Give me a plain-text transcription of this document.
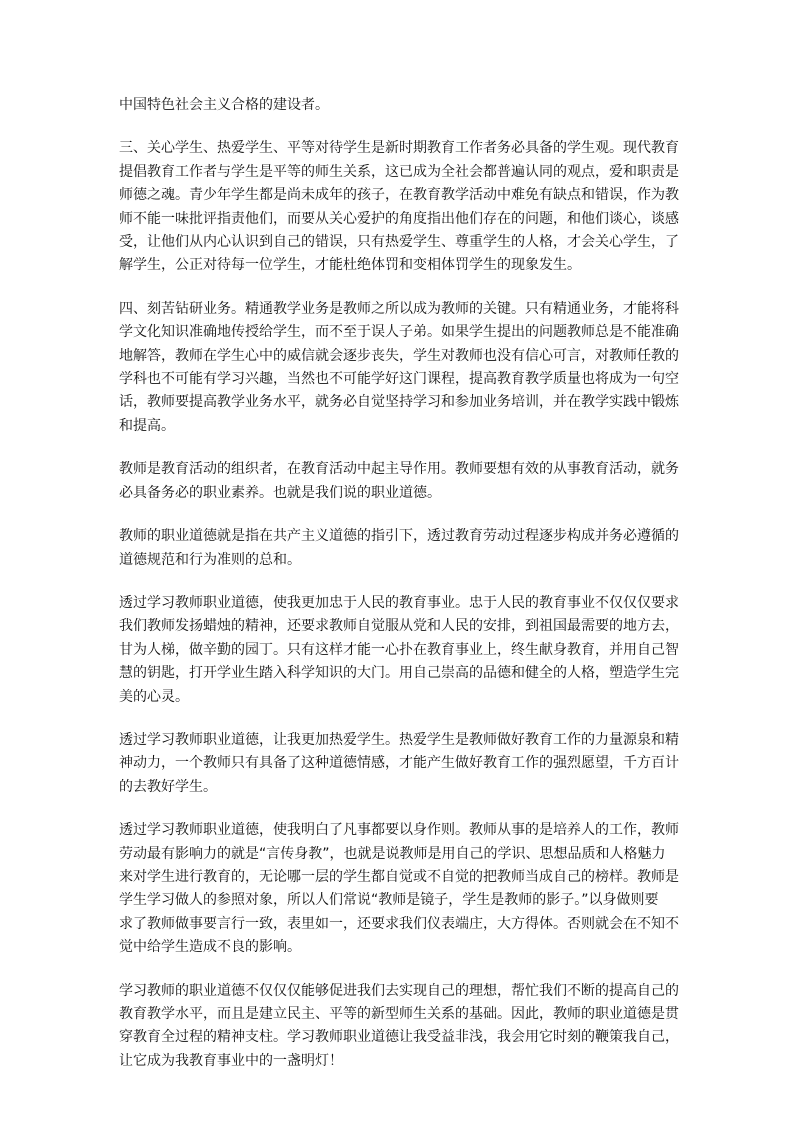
中国特色社会主义合格的建设者。

三、关心学生、热爱学生、平等对待学生是新时期教育工作者务必具备的学生观。现代教育
提倡教育工作者与学生是平等的师生关系，这已成为全社会都普遍认同的观点，爱和职责是
师德之魂。青少年学生都是尚未成年的孩子，在教育教学活动中难免有缺点和错误，作为教
师不能一味批评指责他们，而要从关心爱护的角度指出他们存在的问题，和他们谈心，谈感
受，让他们从内心认识到自己的错误，只有热爱学生、尊重学生的人格，才会关心学生，了
解学生，公正对待每一位学生，才能杜绝体罚和变相体罚学生的现象发生。

四、刻苦钻研业务。精通教学业务是教师之所以成为教师的关键。只有精通业务，才能将科
学文化知识准确地传授给学生，而不至于误人子弟。如果学生提出的问题教师总是不能准确
地解答，教师在学生心中的威信就会逐步丧失，学生对教师也没有信心可言，对教师任教的
学科也不可能有学习兴趣，当然也不可能学好这门课程，提高教育教学质量也将成为一句空
话，教师要提高教学业务水平，就务必自觉坚持学习和参加业务培训，并在教学实践中锻炼
和提高。

教师是教育活动的组织者，在教育活动中起主导作用。教师要想有效的从事教育活动，就务
必具备务必的职业素养。也就是我们说的职业道德。

教师的职业道德就是指在共产主义道德的指引下，透过教育劳动过程逐步构成并务必遵循的
道德规范和行为准则的总和。

透过学习教师职业道德，使我更加忠于人民的教育事业。忠于人民的教育事业不仅仅仅要求
我们教师发扬蜡烛的精神，还要求教师自觉服从党和人民的安排，到祖国最需要的地方去，
甘为人梯，做辛勤的园丁。只有这样才能一心扑在教育事业上，终生献身教育，并用自己智
慧的钥匙，打开学业生踏入科学知识的大门。用自己崇高的品德和健全的人格，塑造学生完
美的心灵。

透过学习教师职业道德，让我更加热爱学生。热爱学生是教师做好教育工作的力量源泉和精
神动力，一个教师只有具备了这种道德情感，才能产生做好教育工作的强烈愿望，千方百计
的去教好学生。

透过学习教师职业道德，使我明白了凡事都要以身作则。教师从事的是培养人的工作，教师
劳动最有影响力的就是“言传身教”，也就是说教师是用自己的学识、思想品质和人格魅力
来对学生进行教育的，无论哪一层的学生都自觉或不自觉的把教师当成自己的榜样。教师是
学生学习做人的参照对象，所以人们常说“教师是镜子，学生是教师的影子。”以身做则要
求了教师做事要言行一致，表里如一，还要求我们仪表端庄，大方得体。否则就会在不知不
觉中给学生造成不良的影响。

学习教师的职业道德不仅仅仅能够促进我们去实现自己的理想，帮忙我们不断的提高自己的
教育教学水平，而且是建立民主、平等的新型师生关系的基础。因此，教师的职业道德是贯
穿教育全过程的精神支柱。学习教师职业道德让我受益非浅，我会用它时刻的鞭策我自己，
让它成为我教育事业中的一盏明灯！
